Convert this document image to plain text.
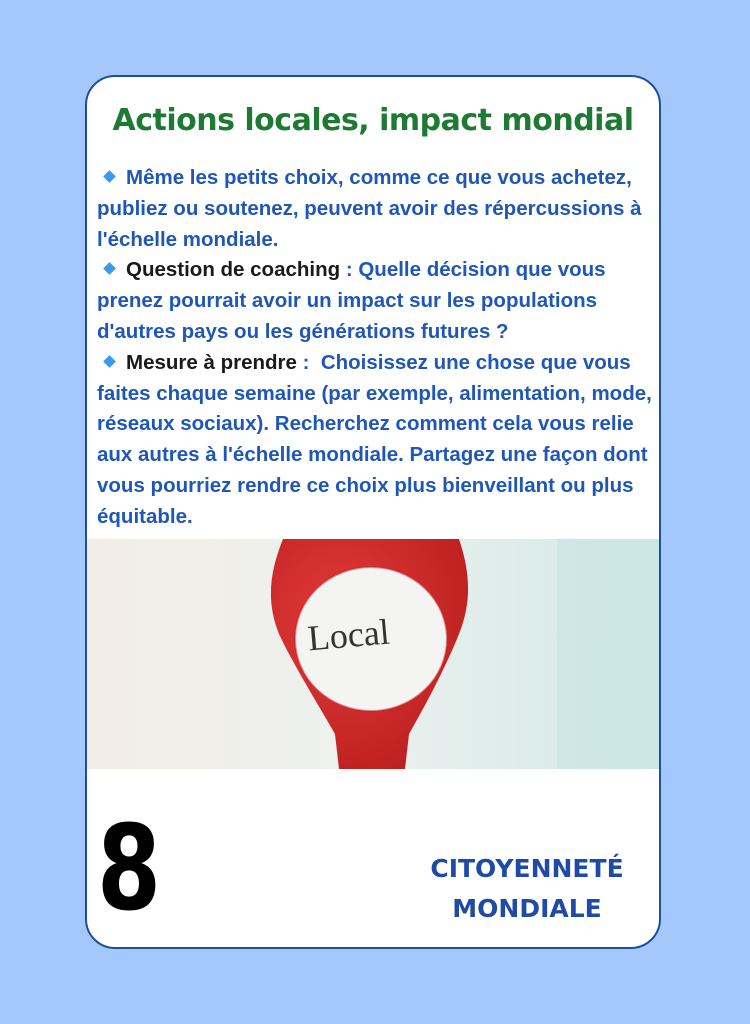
Actions locales, impact mondial
Même les petits choix, comme ce que vous achetez, publiez ou soutenez, peuvent avoir des répercussions à l'échelle mondiale.
Question de coaching : Quelle décision que vous prenez pourrait avoir un impact sur les populations d'autres pays ou les générations futures ?
Mesure à prendre :  Choisissez une chose que vous faites chaque semaine (par exemple, alimentation, mode, réseaux sociaux). Recherchez comment cela vous relie aux autres à l'échelle mondiale. Partagez une façon dont vous pourriez rendre ce choix plus bienveillant ou plus équitable.
Local
8	CITOYENNETÉ
MONDIALE
